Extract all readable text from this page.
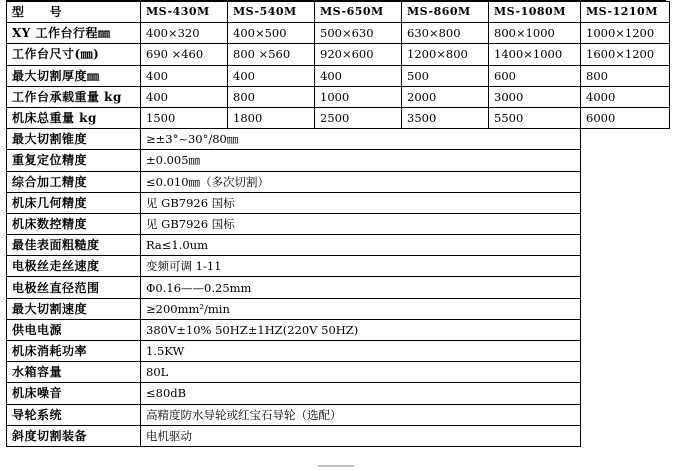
型　　号	MS-430M	MS-540M	MS-650M	MS-860M	MS-1080M	MS-1210M
XY 工作台行程㎜	400×320	400×500	500×630	630×800	800×1000	1000×1200
工作台尺寸(㎜)	690 ×460	800 ×560	920×600	1200×800	1400×1000	1600×1200
最大切割厚度㎜	400	400	400	500	600	800
工作台承载重量 kg	400	800	1000	2000	3000	4000
机床总重量 kg	1500	1800	2500	3500	5500	6000
最大切割锥度	≥±3°~30°/80㎜					
重复定位精度	±0.005㎜					
综合加工精度	≤0.010㎜（多次切割）					
机床几何精度	见 GB7926 国标					
机床数控精度	见 GB7926 国标					
最佳表面粗糙度	Ra≤1.0um					
电极丝走丝速度	变频可调 1-11					
电极丝直径范围	Φ0.16——0.25mm					
最大切割速度	≥200mm²/min					
供电电源	380V±10% 50HZ±1HZ(220V 50HZ)					
机床消耗功率	1.5KW					
水箱容量	80L					
机床噪音	≤80dB					
导轮系统	高精度防水导轮或红宝石导轮（选配）					
斜度切割装备	电机驱动					
